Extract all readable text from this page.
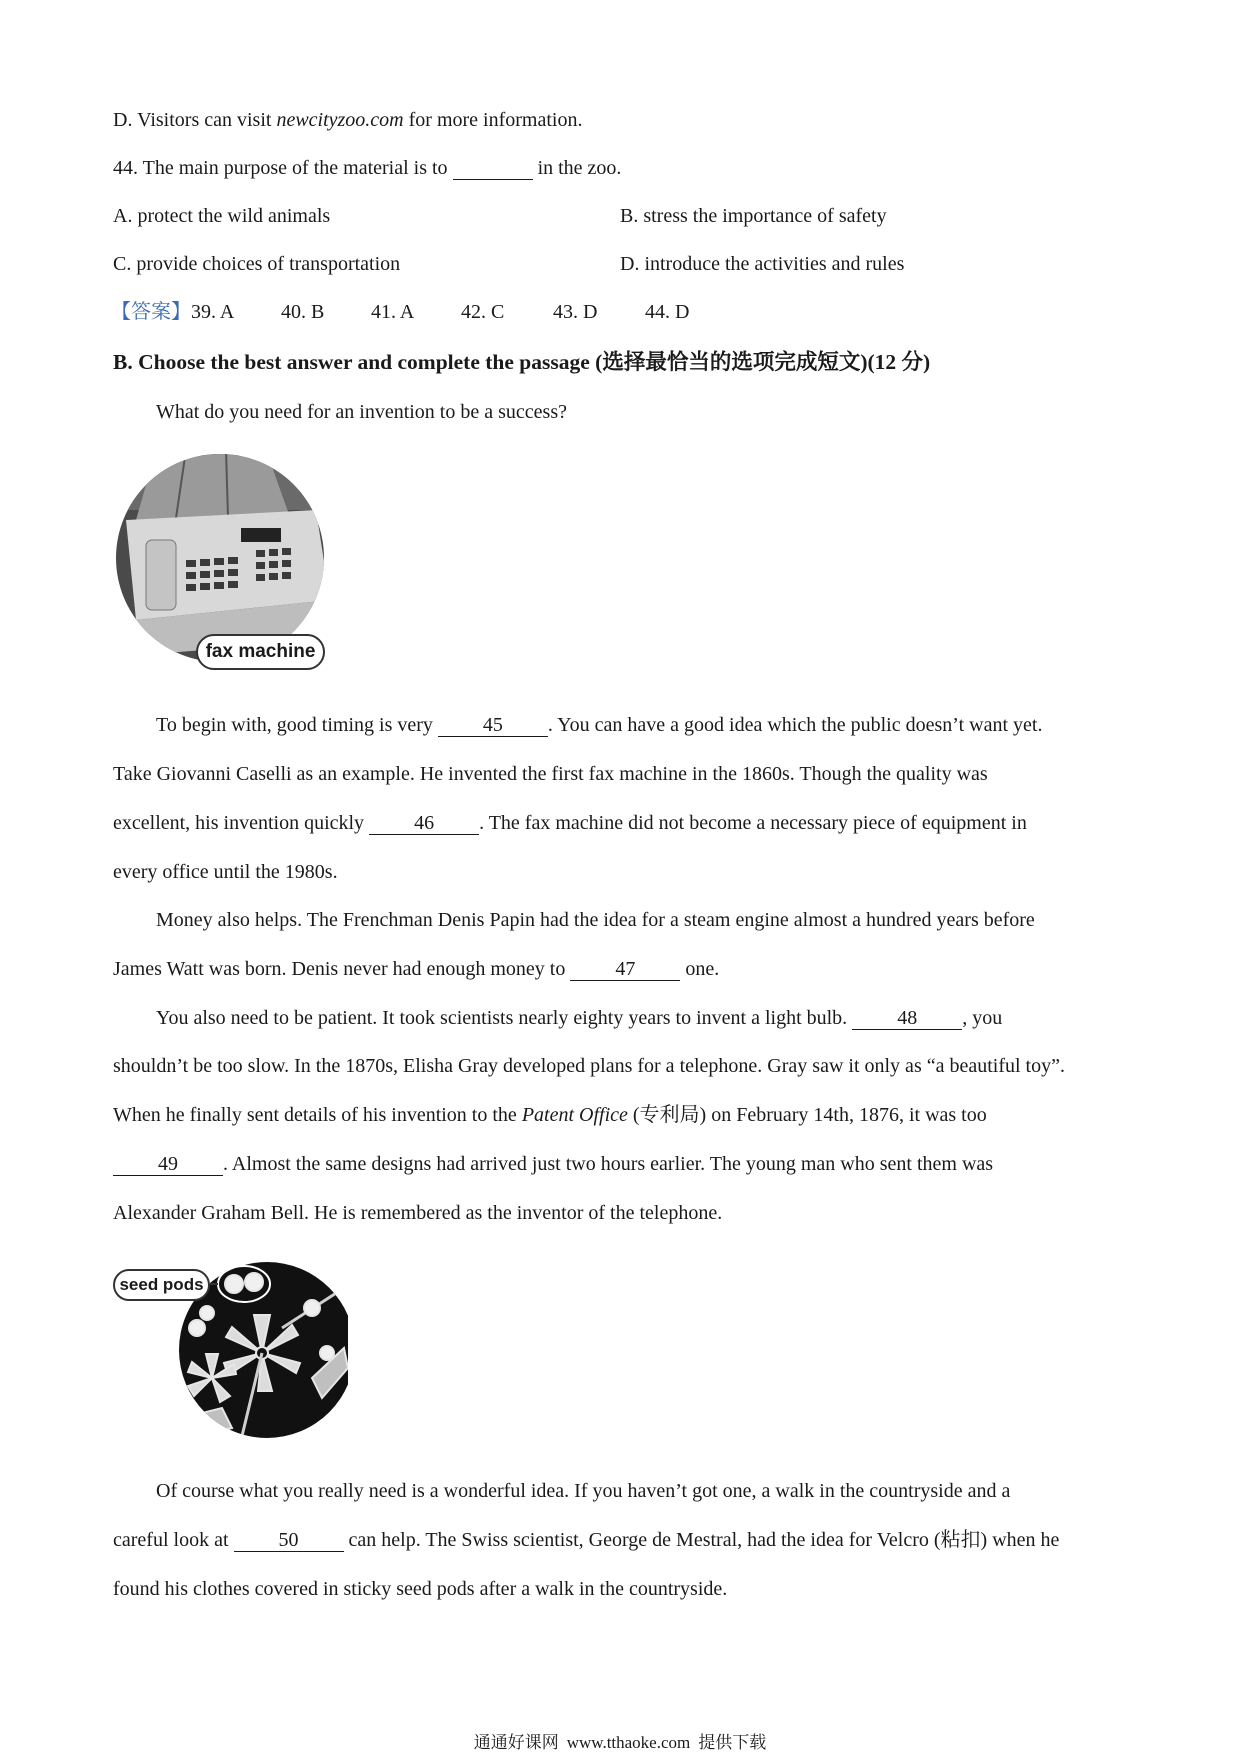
D. Visitors can visit newcityzoo.com for more information.
44. The main purpose of the material is to	in the zoo.
A. protect the wild animals	B. stress the importance of safety
C. provide choices of transportation	D. introduce the activities and rules
【答案】39. A 40. B 41. A 42. C 43. D 44. D
B. Choose the best answer and complete the passage (选择最恰当的选项完成短文)(12 分)
What do you need for an invention to be a success?
fax machine
To begin with, good timing is very 45 . You can have a good idea which the public doesn’t want yet.
Take Giovanni Caselli as an example. He invented the first fax machine in the 1860s. Though the quality was
excellent, his invention quickly 46 . The fax machine did not become a necessary piece of equipment in
every office until the 1980s.
Money also helps. The Frenchman Denis Papin had the idea for a steam engine almost a hundred years before
James Watt was born. Denis never had enough money to 47 one.
You also need to be patient. It took scientists nearly eighty years to invent a light bulb. 48 , you
shouldn’t be too slow. In the 1870s, Elisha Gray developed plans for a telephone. Gray saw it only as “a beautiful toy”.
When he finally sent details of his invention to the Patent Office (专利局) on February 14th, 1876, it was too
49 . Almost the same designs had arrived just two hours earlier. The young man who sent them was
Alexander Graham Bell. He is remembered as the inventor of the telephone.
seed pods
Of course what you really need is a wonderful idea. If you haven’t got one, a walk in the countryside and a
careful look at 50 can help. The Swiss scientist, George de Mestral, had the idea for Velcro (粘扣) when he
found his clothes covered in sticky seed pods after a walk in the countryside.
通通好课网 www.tthaoke.com 提供下载
